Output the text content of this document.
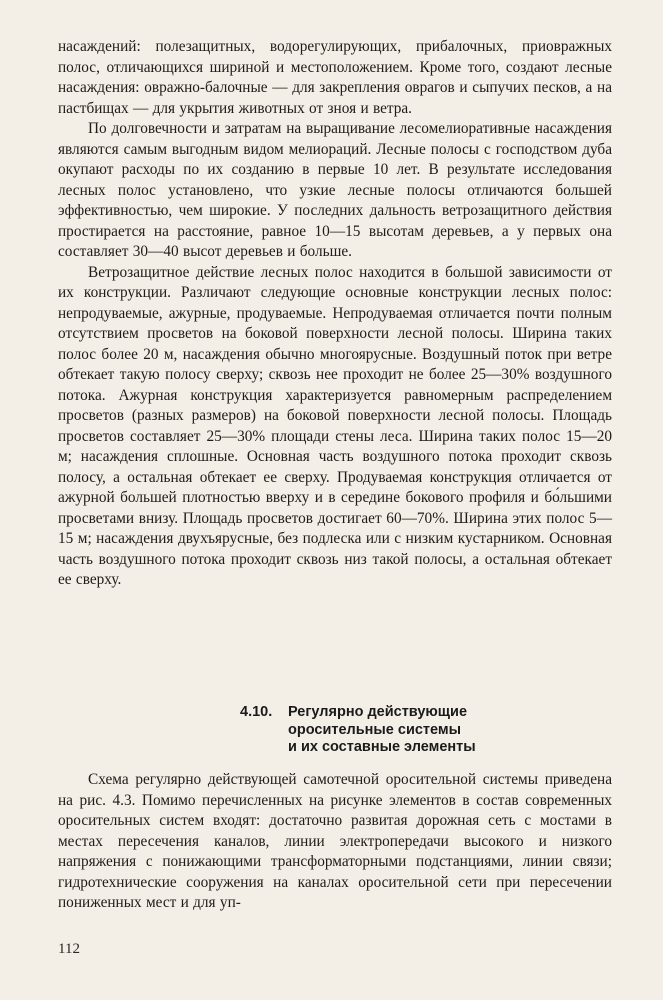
насаждений: полезащитных, водорегулирующих, прибалочных, приовражных полос, отличающихся шириной и местоположением. Кроме того, создают лесные насаждения: овражно-балочные — для закрепления оврагов и сыпучих песков, а на пастбищах — для укрытия животных от зноя и ветра.

По долговечности и затратам на выращивание лесомелиоративные насаждения являются самым выгодным видом мелиораций. Лесные полосы с господством дуба окупают расходы по их созданию в первые 10 лет. В результате исследования лесных полос установлено, что узкие лесные полосы отличаются большей эффективностью, чем широкие. У последних дальность ветрозащитного действия простирается на расстояние, равное 10—15 высотам деревьев, а у первых она составляет 30—40 высот деревьев и больше.

Ветрозащитное действие лесных полос находится в большой зависимости от их конструкции. Различают следующие основные конструкции лесных полос: непродуваемые, ажурные, продуваемые. Непродуваемая отличается почти полным отсутствием просветов на боковой поверхности лесной полосы. Ширина таких полос более 20 м, насаждения обычно многоярусные. Воздушный поток при ветре обтекает такую полосу сверху; сквозь нее проходит не более 25—30% воздушного потока. Ажурная конструкция характеризуется равномерным распределением просветов (разных размеров) на боковой поверхности лесной полосы. Площадь просветов составляет 25—30% площади стены леса. Ширина таких полос 15—20 м; насаждения сплошные. Основная часть воздушного потока проходит сквозь полосу, а остальная обтекает ее сверху. Продуваемая конструкция отличается от ажурной большей плотностью вверху и в середине бокового профиля и бо́льшими просветами внизу. Площадь просветов достигает 60—70%. Ширина этих полос 5—15 м; насаждения двухъярусные, без подлеска или с низким кустарником. Основная часть воздушного потока проходит сквозь низ такой полосы, а остальная обтекает ее сверху.

4.10. Регулярно действующие
оросительные системы
и их составные элементы

Схема регулярно действующей самотечной оросительной системы приведена на рис. 4.3. Помимо перечисленных на рисунке элементов в состав современных оросительных систем входят: достаточно развитая дорожная сеть с мостами в местах пересечения каналов, линии электропередачи высокого и низкого напряжения с понижающими трансформаторными подстанциями, линии связи; гидротехнические сооружения на каналах оросительной сети при пересечении пониженных мест и для уп-

112
